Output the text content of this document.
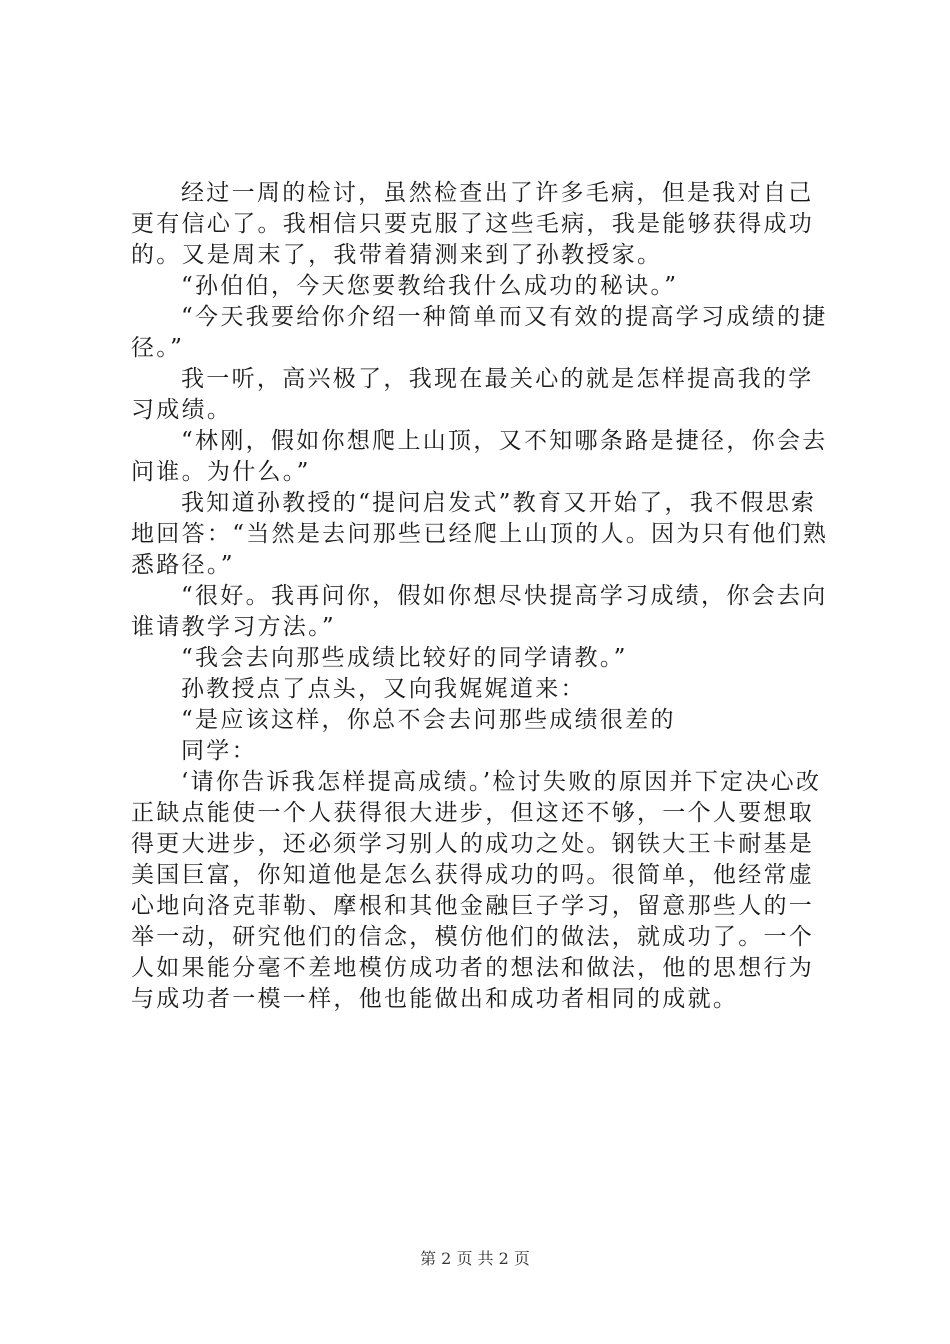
经过一周的检讨，虽然检查出了许多毛病，但是我对自己更有信心了。我相信只要克服了这些毛病，我是能够获得成功的。又是周末了，我带着猜测来到了孙教授家。

“孙伯伯，今天您要教给我什么成功的秘诀。”

“今天我要给你介绍一种简单而又有效的提高学习成绩的捷径。”

我一听，高兴极了，我现在最关心的就是怎样提高我的学习成绩。

“林刚，假如你想爬上山顶，又不知哪条路是捷径，你会去问谁。为什么。”

我知道孙教授的“提问启发式”教育又开始了，我不假思索地回答：“当然是去问那些已经爬上山顶的人。因为只有他们熟悉路径。”

“很好。我再问你，假如你想尽快提高学习成绩，你会去向谁请教学习方法。”

“我会去向那些成绩比较好的同学请教。”

孙教授点了点头，又向我娓娓道来：

“是应该这样，你总不会去问那些成绩很差的

同学：

‘请你告诉我怎样提高成绩。’检讨失败的原因并下定决心改正缺点能使一个人获得很大进步，但这还不够，一个人要想取得更大进步，还必须学习别人的成功之处。钢铁大王卡耐基是美国巨富，你知道他是怎么获得成功的吗。很简单，他经常虚心地向洛克菲勒、摩根和其他金融巨子学习，留意那些人的一举一动，研究他们的信念，模仿他们的做法，就成功了。一个人如果能分毫不差地模仿成功者的想法和做法，他的思想行为与成功者一模一样，他也能做出和成功者相同的成就。

第 2 页 共 2 页
